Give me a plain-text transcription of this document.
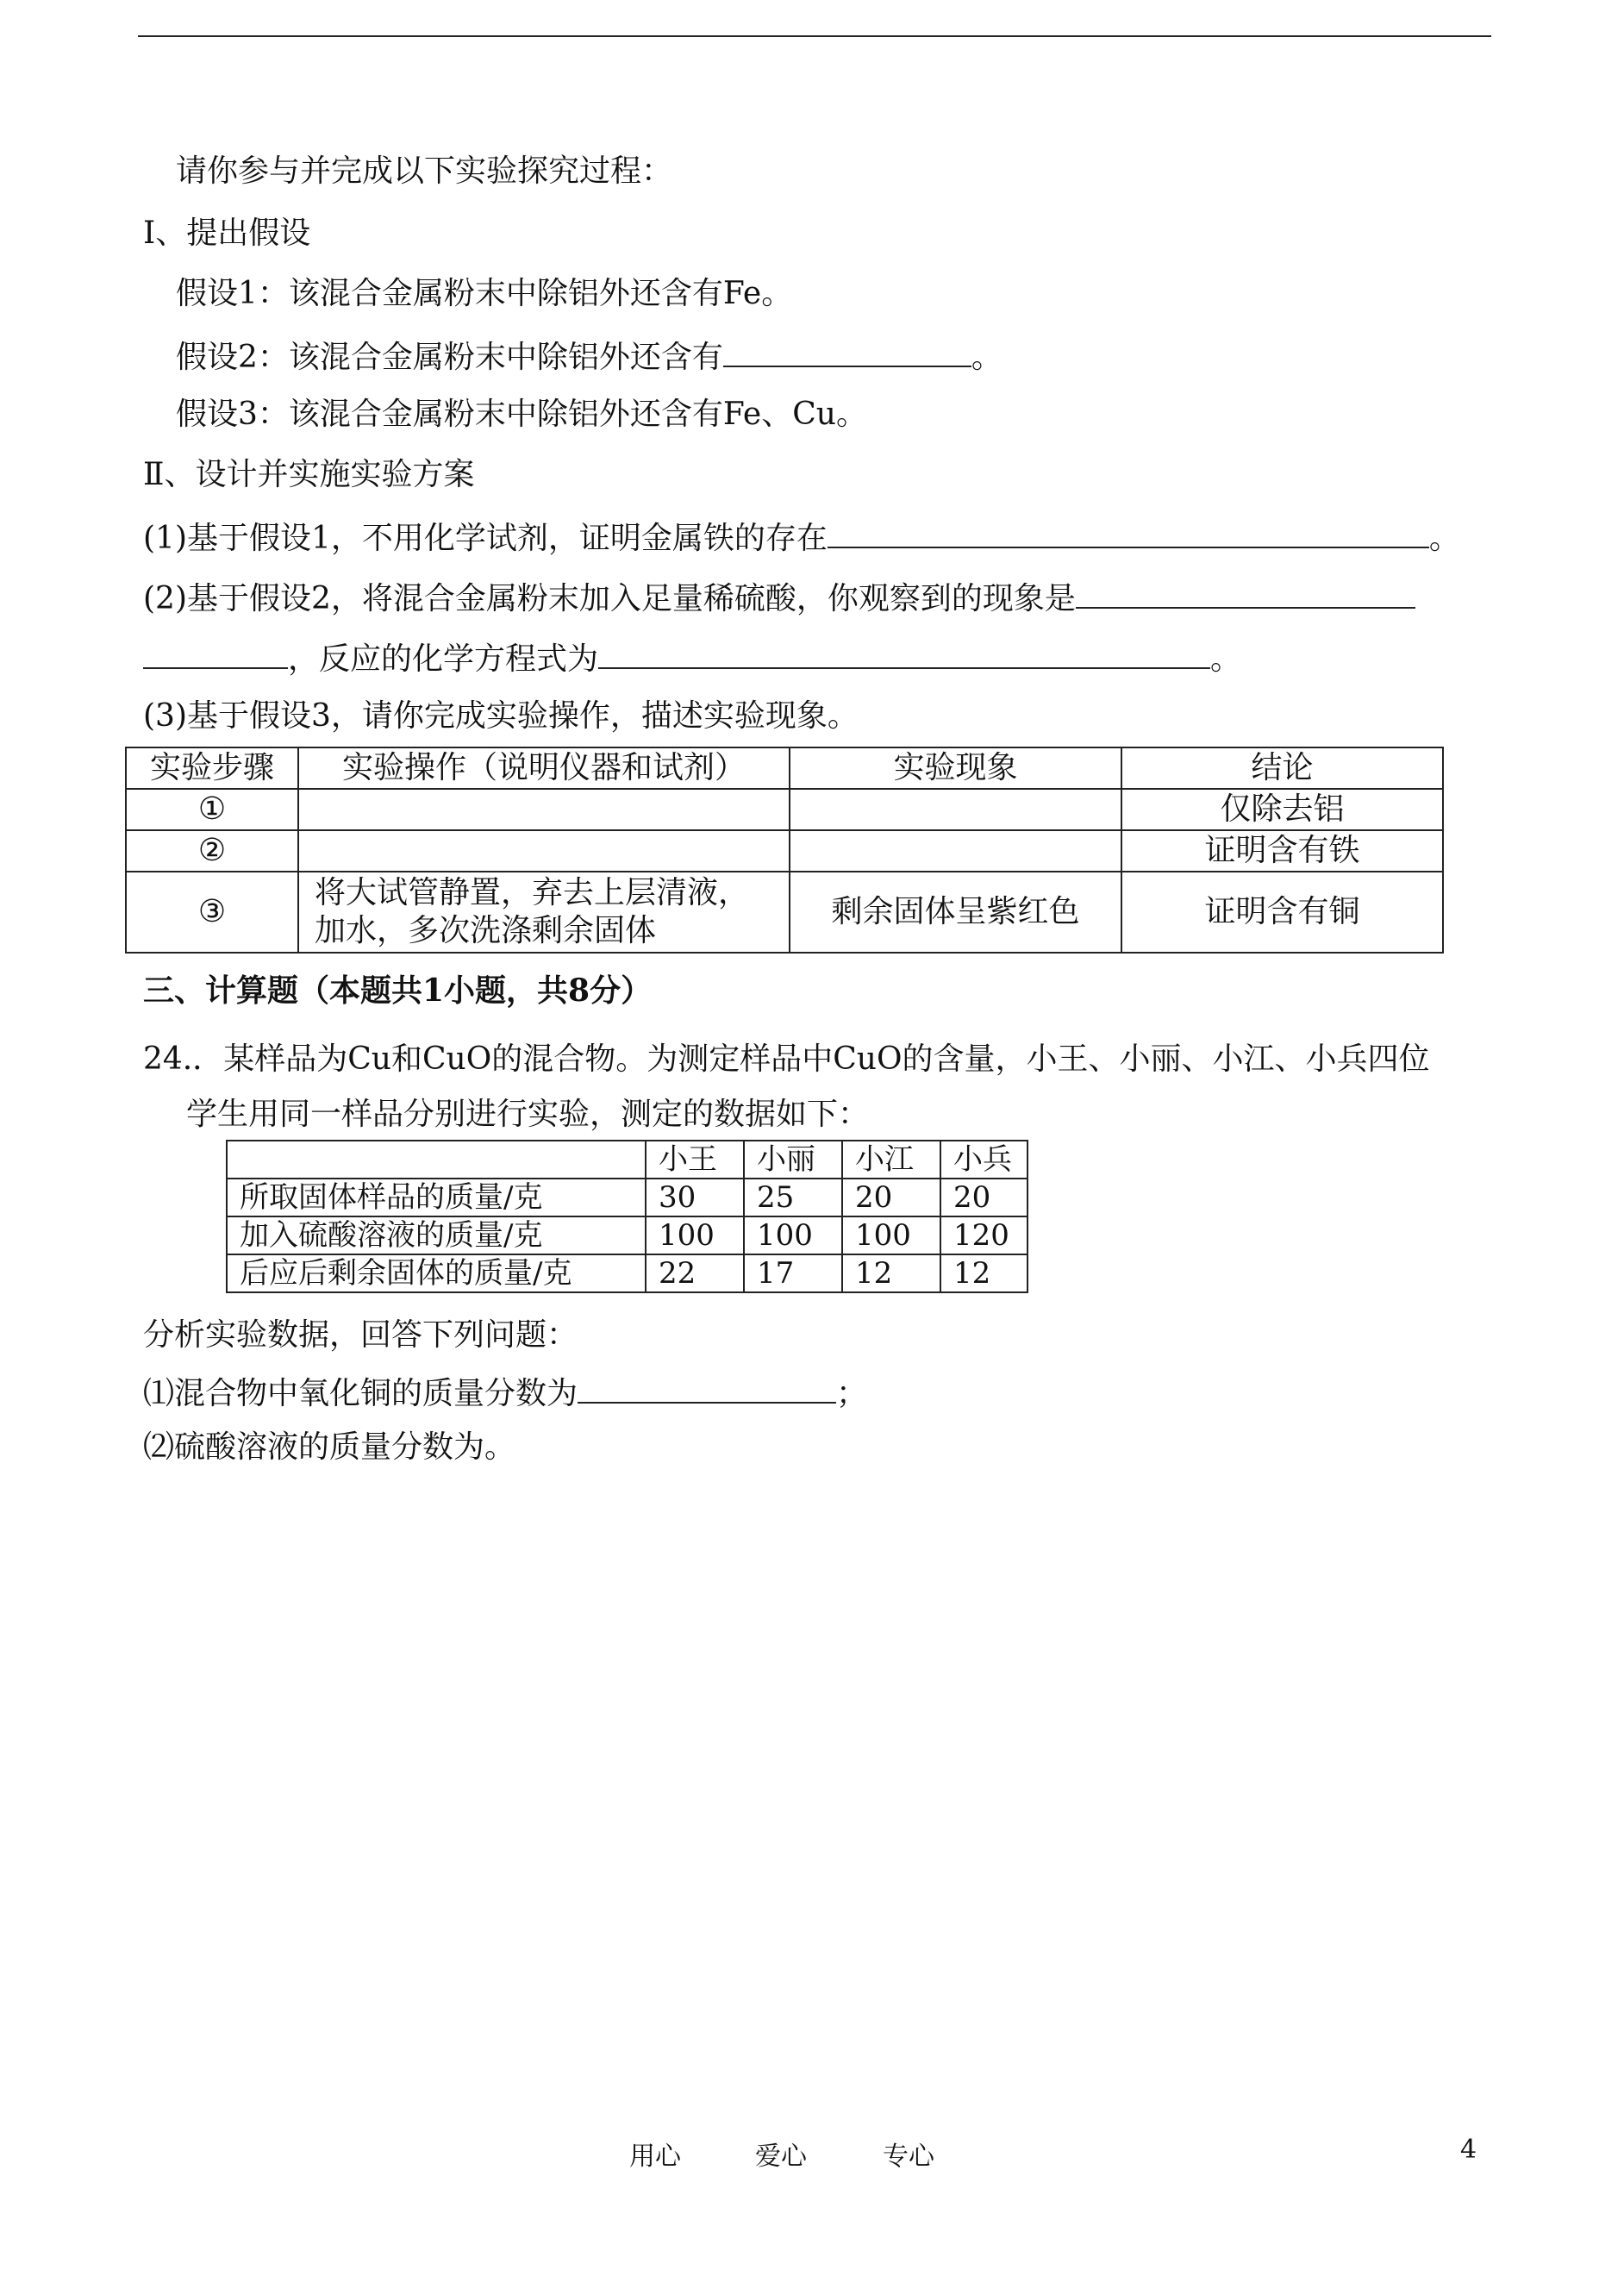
请你参与并完成以下实验探究过程：
Ⅰ、提出假设
假设1：该混合金属粉末中除铝外还含有Fe。
假设2：该混合金属粉末中除铝外还含有	。
假设3：该混合金属粉末中除铝外还含有Fe、Cu。
Ⅱ、设计并实施实验方案
(1)基于假设1，不用化学试剂，证明金属铁的存在	。
(2)基于假设2，将混合金属粉末加入足量稀硫酸，你观察到的现象是
，反应的化学方程式为	。
(3)基于假设3，请你完成实验操作，描述实验现象。
实验步骤	实验操作（说明仪器和试剂）	实验现象	结论
①			仅除去铝
②			证明含有铁
③	将大试管静置，弃去上层清液，
加水，多次洗涤剩余固体	剩余固体呈紫红色	证明含有铜
三、计算题（本题共1小题，共8分）
24.．某样品为Cu和CuO的混合物。为测定样品中CuO的含量，小王、小丽、小江、小兵四位
学生用同一样品分别进行实验，测定的数据如下：
	小王	小丽	小江	小兵
所取固体样品的质量/克	30	25	20	20
加入硫酸溶液的质量/克	100	100	100	120
后应后剩余固体的质量/克	22	17	12	12
分析实验数据，回答下列问题：
⑴混合物中氧化铜的质量分数为	；
⑵硫酸溶液的质量分数为。
用心	爱心	专心	4
